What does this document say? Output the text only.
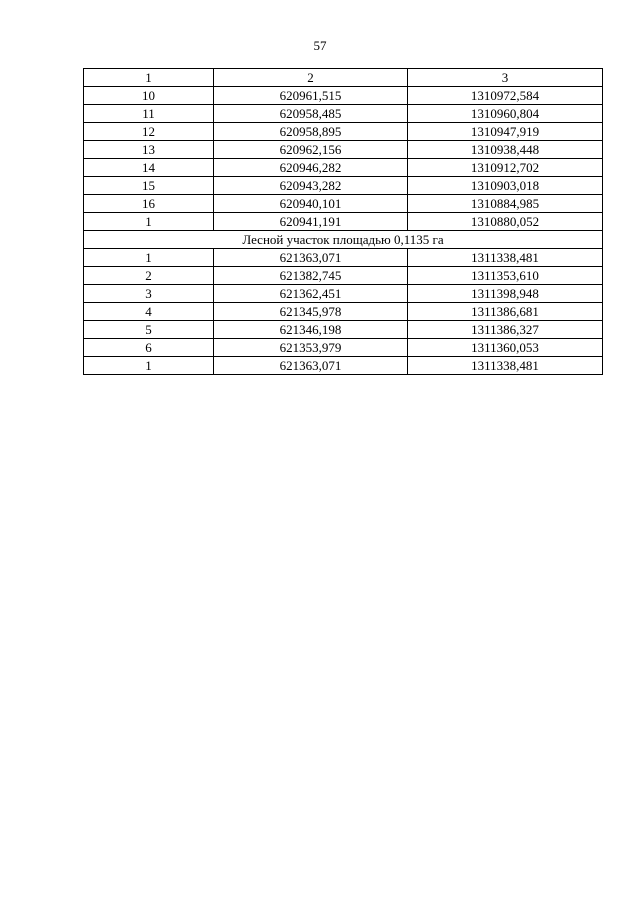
57
1	2	3
10	620961,515	1310972,584
11	620958,485	1310960,804
12	620958,895	1310947,919
13	620962,156	1310938,448
14	620946,282	1310912,702
15	620943,282	1310903,018
16	620940,101	1310884,985
1	620941,191	1310880,052
Лесной участок площадью 0,1135 га		
1	621363,071	1311338,481
2	621382,745	1311353,610
3	621362,451	1311398,948
4	621345,978	1311386,681
5	621346,198	1311386,327
6	621353,979	1311360,053
1	621363,071	1311338,481
